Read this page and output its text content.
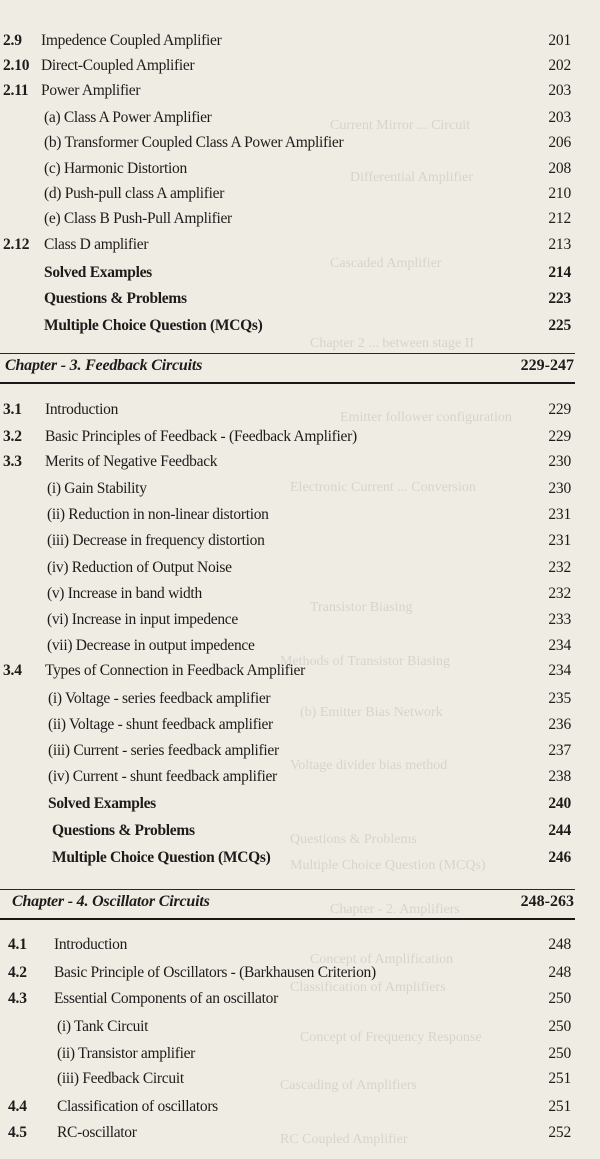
Current Mirror ... Circuit
Differential Amplifier
Cascaded Amplifier
Chapter 2 ... between stage II
Emitter follower configuration
Electronic Current ... Conversion
Transistor Biasing
Methods of Transistor Biasing
(b) Emitter Bias Network
Voltage divider bias method
Questions & Problems
Multiple Choice Question (MCQs)
Chapter - 2. Amplifiers
Concept of Amplification
Classification of Amplifiers
Concept of Frequency Response
Cascading of Amplifiers
RC Coupled Amplifier
2.9 Impedence Coupled Amplifier	201
2.10 Direct-Coupled Amplifier	202
2.11 Power Amplifier	203
(a) Class A Power Amplifier	203
(b) Transformer Coupled Class A Power Amplifier	206
(c) Harmonic Distortion	208
(d) Push-pull class A amplifier	210
(e) Class B Push-Pull Amplifier	212
2.12 Class D amplifier	213
Solved Examples	214
Questions & Problems	223
Multiple Choice Question (MCQs)	225
Chapter - 3. Feedback Circuits	229-247
3.1 Introduction	229
3.2 Basic Principles of Feedback - (Feedback Amplifier)	229
3.3 Merits of Negative Feedback	230
(i) Gain Stability	230
(ii) Reduction in non-linear distortion	231
(iii) Decrease in frequency distortion	231
(iv) Reduction of Output Noise	232
(v) Increase in band width	232
(vi) Increase in input impedence	233
(vii) Decrease in output impedence	234
3.4 Types of Connection in Feedback Amplifier	234
(i) Voltage - series feedback amplifier	235
(ii) Voltage - shunt feedback amplifier	236
(iii) Current - series feedback amplifier	237
(iv) Current - shunt feedback amplifier	238
Solved Examples	240
Questions & Problems	244
Multiple Choice Question (MCQs)	246
Chapter - 4. Oscillator Circuits	248-263
4.1 Introduction	248
4.2 Basic Principle of Oscillators - (Barkhausen Criterion)	248
4.3 Essential Components of an oscillator	250
(i) Tank Circuit	250
(ii) Transistor amplifier	250
(iii) Feedback Circuit	251
4.4 Classification of oscillators	251
4.5 RC-oscillator	252
